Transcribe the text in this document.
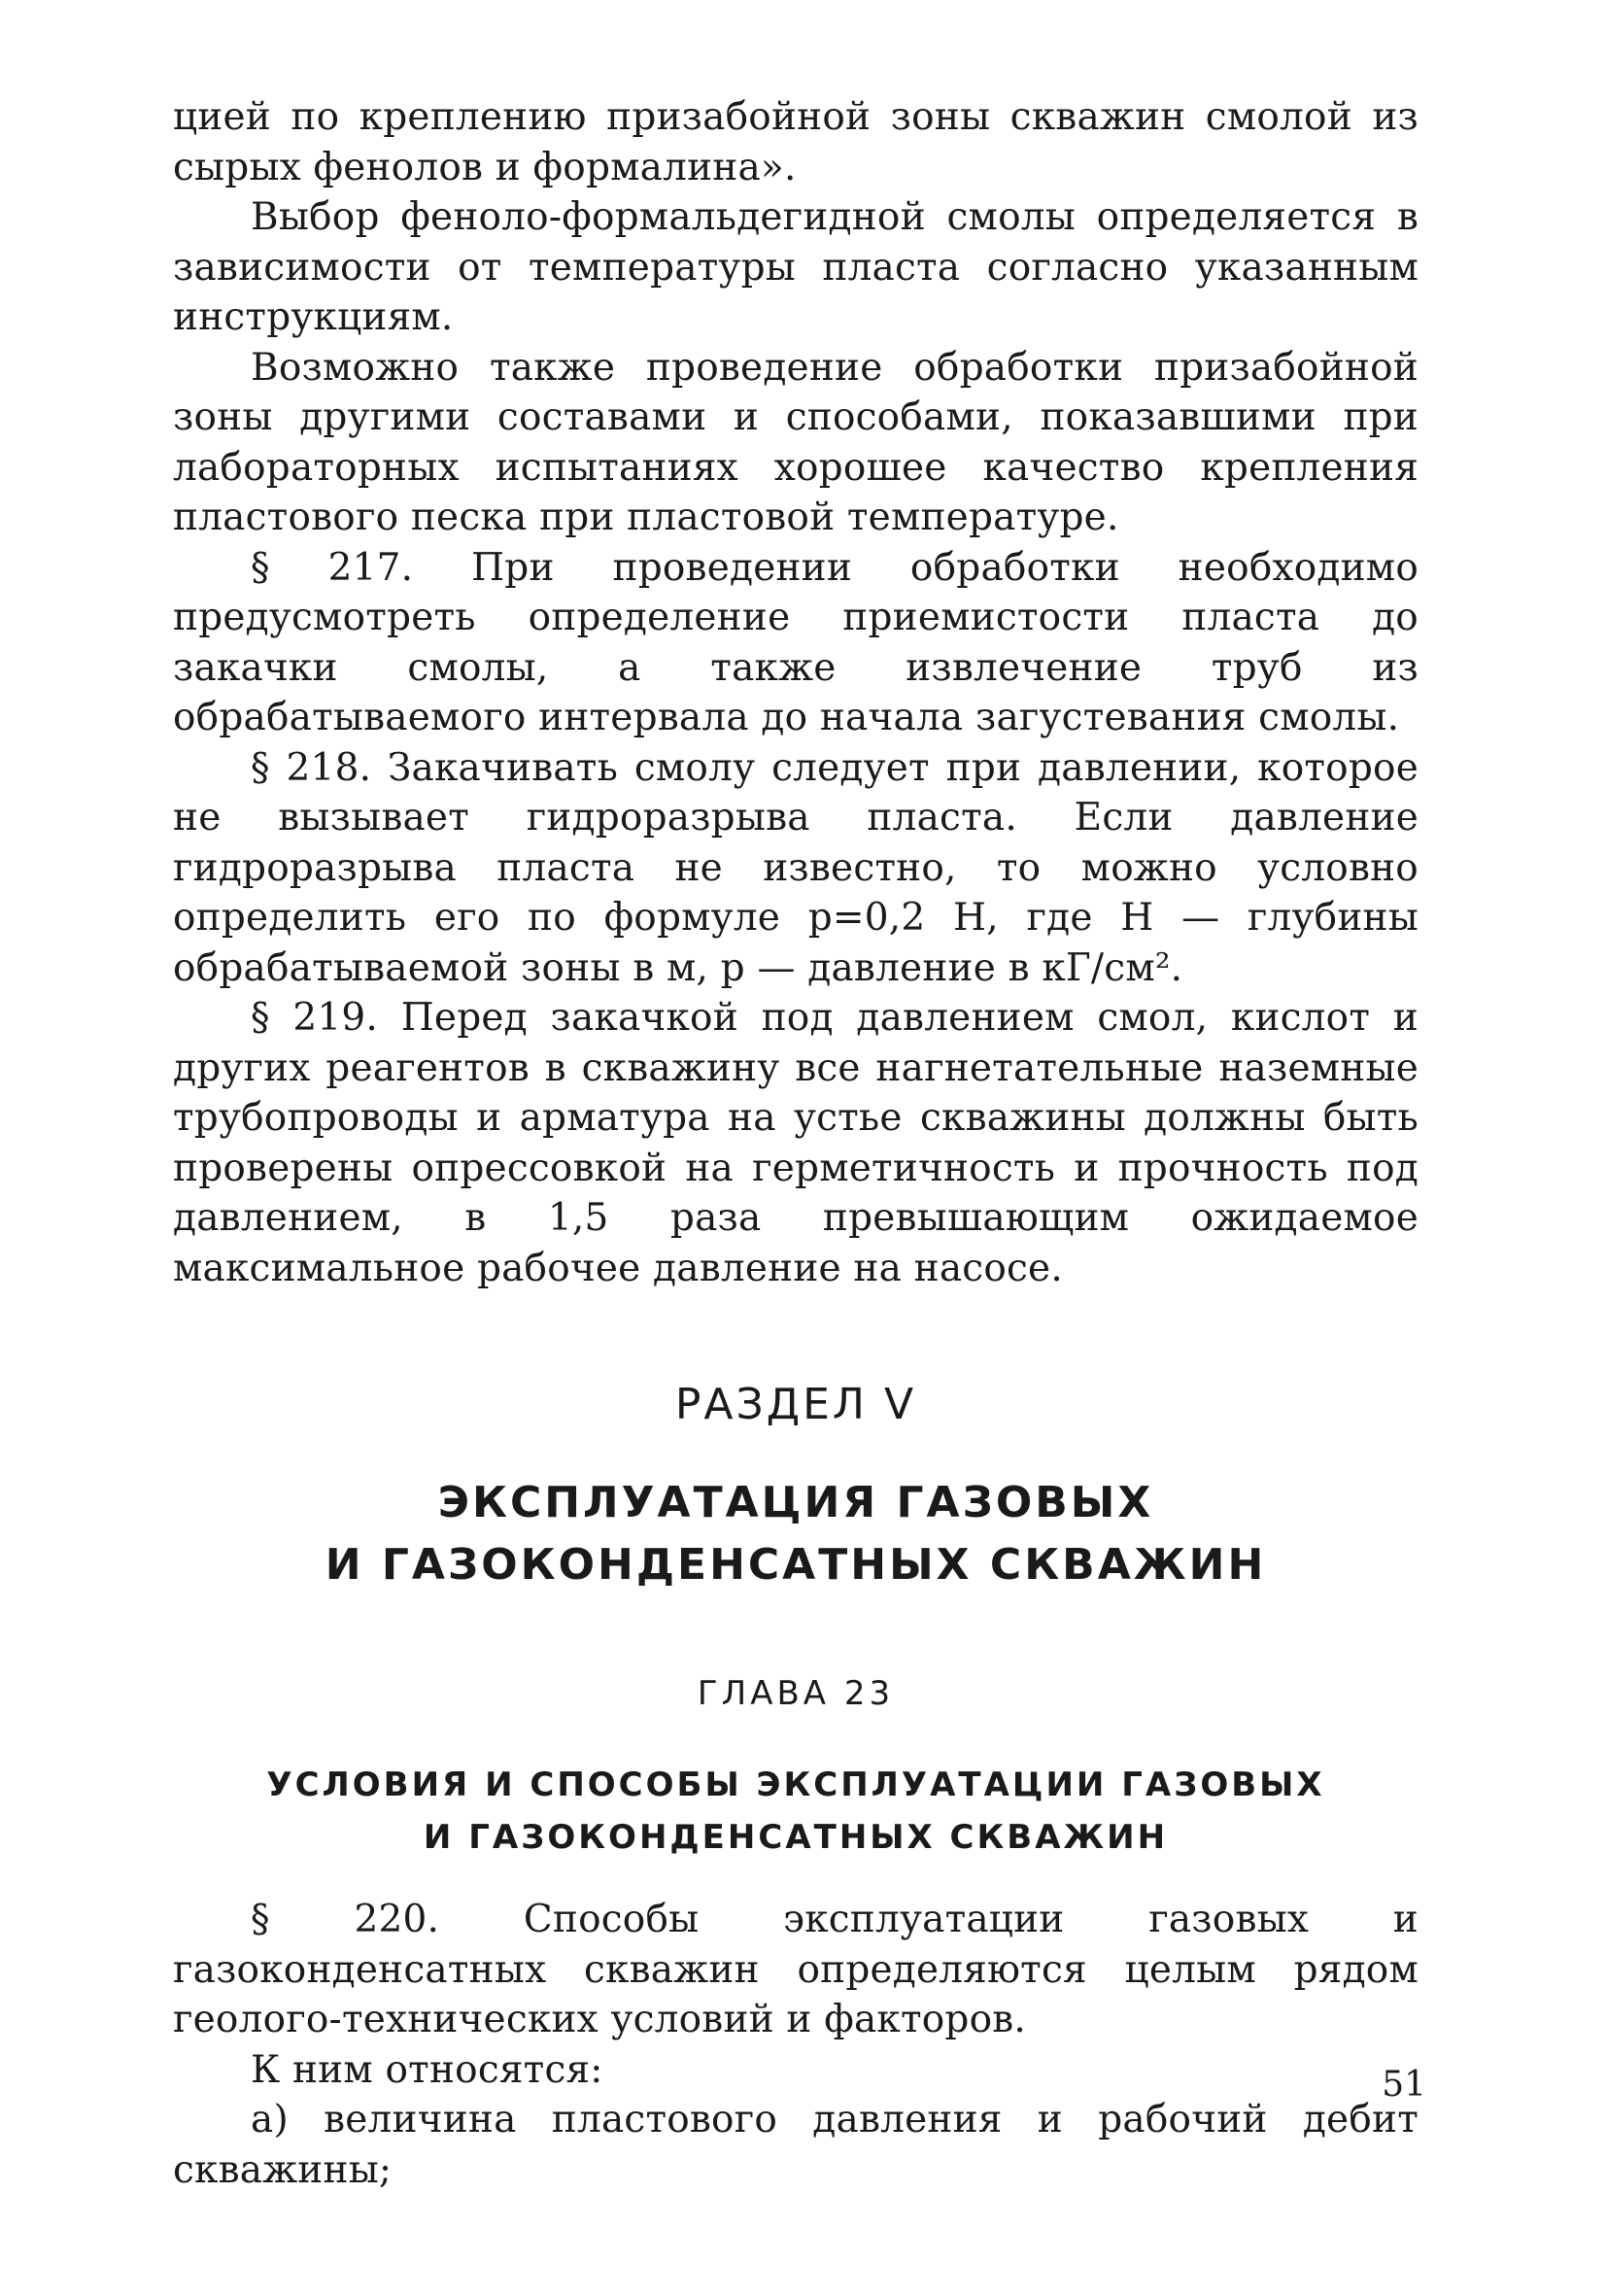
цией по креплению призабойной зоны скважин смолой из сырых фенолов и формалина».

Выбор феноло-формальдегидной смолы определяется в зависимости от температуры пласта согласно указанным инструкциям.

Возможно также проведение обработки призабойной зоны другими составами и способами, показавшими при лабораторных испытаниях хорошее качество крепления пластового песка при пластовой температуре.

§ 217. При проведении обработки необходимо предусмотреть определение приемистости пласта до закачки смолы, а также извлечение труб из обрабатываемого интервала до начала загустевания смолы.

§ 218. Закачивать смолу следует при давлении, которое не вызывает гидроразрыва пласта. Если давление гидроразрыва пласта не известно, то можно условно определить его по формуле p=0,2 H, где H — глубины обрабатываемой зоны в м, p — давление в кГ/см².

§ 219. Перед закачкой под давлением смол, кислот и других реагентов в скважину все нагнетательные наземные трубопроводы и арматура на устье скважины должны быть проверены опрессовкой на герметичность и прочность под давлением, в 1,5 раза превышающим ожидаемое максимальное рабочее давление на насосе.

РАЗДЕЛ V
ЭКСПЛУАТАЦИЯ ГАЗОВЫХ
И ГАЗОКОНДЕНСАТНЫХ СКВАЖИН
ГЛАВА 23
УСЛОВИЯ И СПОСОБЫ ЭКСПЛУАТАЦИИ ГАЗОВЫХ
И ГАЗОКОНДЕНСАТНЫХ СКВАЖИН

§ 220. Способы эксплуатации газовых и газоконденсатных скважин определяются целым рядом геолого-технических условий и факторов.

К ним относятся:

а) величина пластового давления и рабочий дебит скважины;

51
